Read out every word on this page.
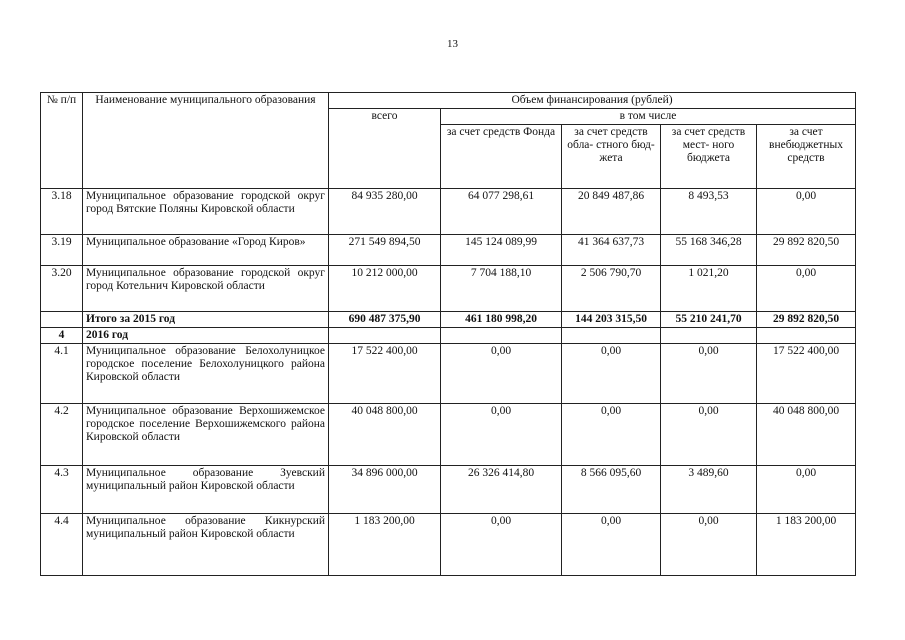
13
№ п/п	Наименование муниципального образования	Объем финансирования (рублей)				
		всего	в том числе			
			за счет средств Фонда	за счет средств обла- стного бюд- жета	за счет средств мест- ного бюджета	за счет внебюджетных средств
3.18	Муниципальное образование городской округ город Вятские Поляны Кировской области	84 935 280,00	64 077 298,61	20 849 487,86	8 493,53	0,00
3.19	Муниципальное образование «Город Киров»	271 549 894,50	145 124 089,99	41 364 637,73	55 168 346,28	29 892 820,50
3.20	Муниципальное образование городской округ город Котельнич Кировской области	10 212 000,00	7 704 188,10	2 506 790,70	1 021,20	0,00
	Итого за 2015 год	690 487 375,90	461 180 998,20	144 203 315,50	55 210 241,70	29 892 820,50
4	2016 год					
4.1	Муниципальное образование Белохолуницкое городское поселение Белохолуницкого района Кировской области	17 522 400,00	0,00	0,00	0,00	17 522 400,00
4.2	Муниципальное образование Верхошижемское городское поселение Верхошижемского района Кировской области	40 048 800,00	0,00	0,00	0,00	40 048 800,00
4.3	Муниципальное образование Зуевский муниципальный район Кировской области	34 896 000,00	26 326 414,80	8 566 095,60	3 489,60	0,00
4.4	Муниципальное образование Кикнурский муниципальный район Кировской области	1 183 200,00	0,00	0,00	0,00	1 183 200,00
